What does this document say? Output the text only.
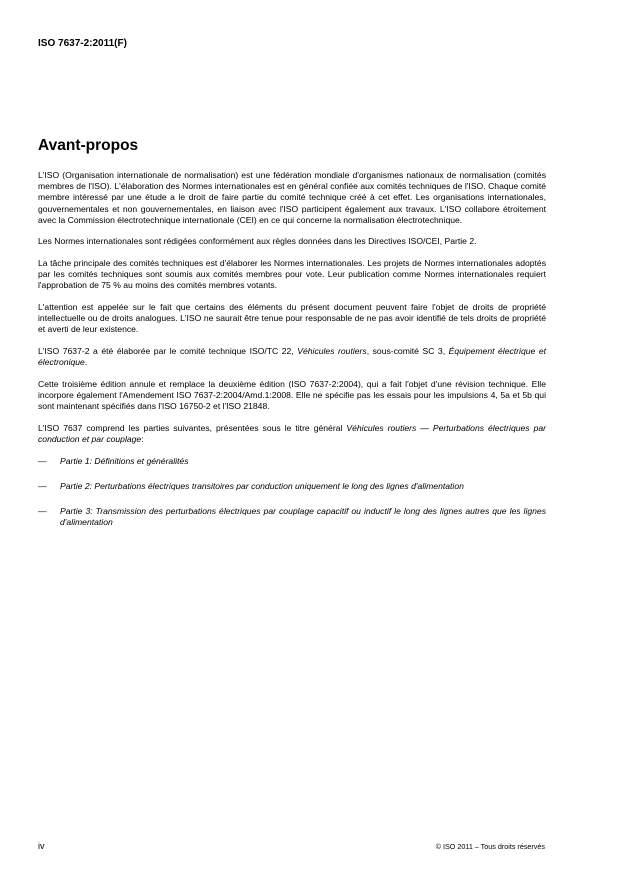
ISO 7637-2:2011(F)
Avant-propos

L'ISO (Organisation internationale de normalisation) est une fédération mondiale d'organismes nationaux de normalisation (comités membres de l'ISO). L'élaboration des Normes internationales est en général confiée aux comités techniques de l'ISO. Chaque comité membre intéressé par une étude a le droit de faire partie du comité technique créé à cet effet. Les organisations internationales, gouvernementales et non gouvernementales, en liaison avec l'ISO participent également aux travaux. L'ISO collabore étroitement avec la Commission électrotechnique internationale (CEI) en ce qui concerne la normalisation électrotechnique.

Les Normes internationales sont rédigées conformément aux règles données dans les Directives ISO/CEI, Partie 2.

La tâche principale des comités techniques est d'élaborer les Normes internationales. Les projets de Normes internationales adoptés par les comités techniques sont soumis aux comités membres pour vote. Leur publication comme Normes internationales requiert l'approbation de 75 % au moins des comités membres votants.

L'attention est appelée sur le fait que certains des éléments du présent document peuvent faire l'objet de droits de propriété intellectuelle ou de droits analogues. L'ISO ne saurait être tenue pour responsable de ne pas avoir identifié de tels droits de propriété et averti de leur existence.

L'ISO 7637-2 a été élaborée par le comité technique ISO/TC 22, Véhicules routiers, sous-comité SC 3, Équipement électrique et électronique.

Cette troisième édition annule et remplace la deuxième édition (ISO 7637-2:2004), qui a fait l'objet d'une révision technique. Elle incorpore également l'Amendement ISO 7637-2:2004/Amd.1:2008. Elle ne spécifie pas les essais pour les impulsions 4, 5a et 5b qui sont maintenant spécifiés dans l'ISO 16750-2 et l'ISO 21848.

L'ISO 7637 comprend les parties suivantes, présentées sous le titre général Véhicules routiers — Perturbations électriques par conduction et par couplage:

—	Partie 1: Définitions et généralités
—	Partie 2: Perturbations électriques transitoires par conduction uniquement le long des lignes d'alimentation
—	Partie 3: Transmission des perturbations électriques par couplage capacitif ou inductif le long des lignes autres que les lignes d'alimentation
iv	© ISO 2011 – Tous droits réservés
